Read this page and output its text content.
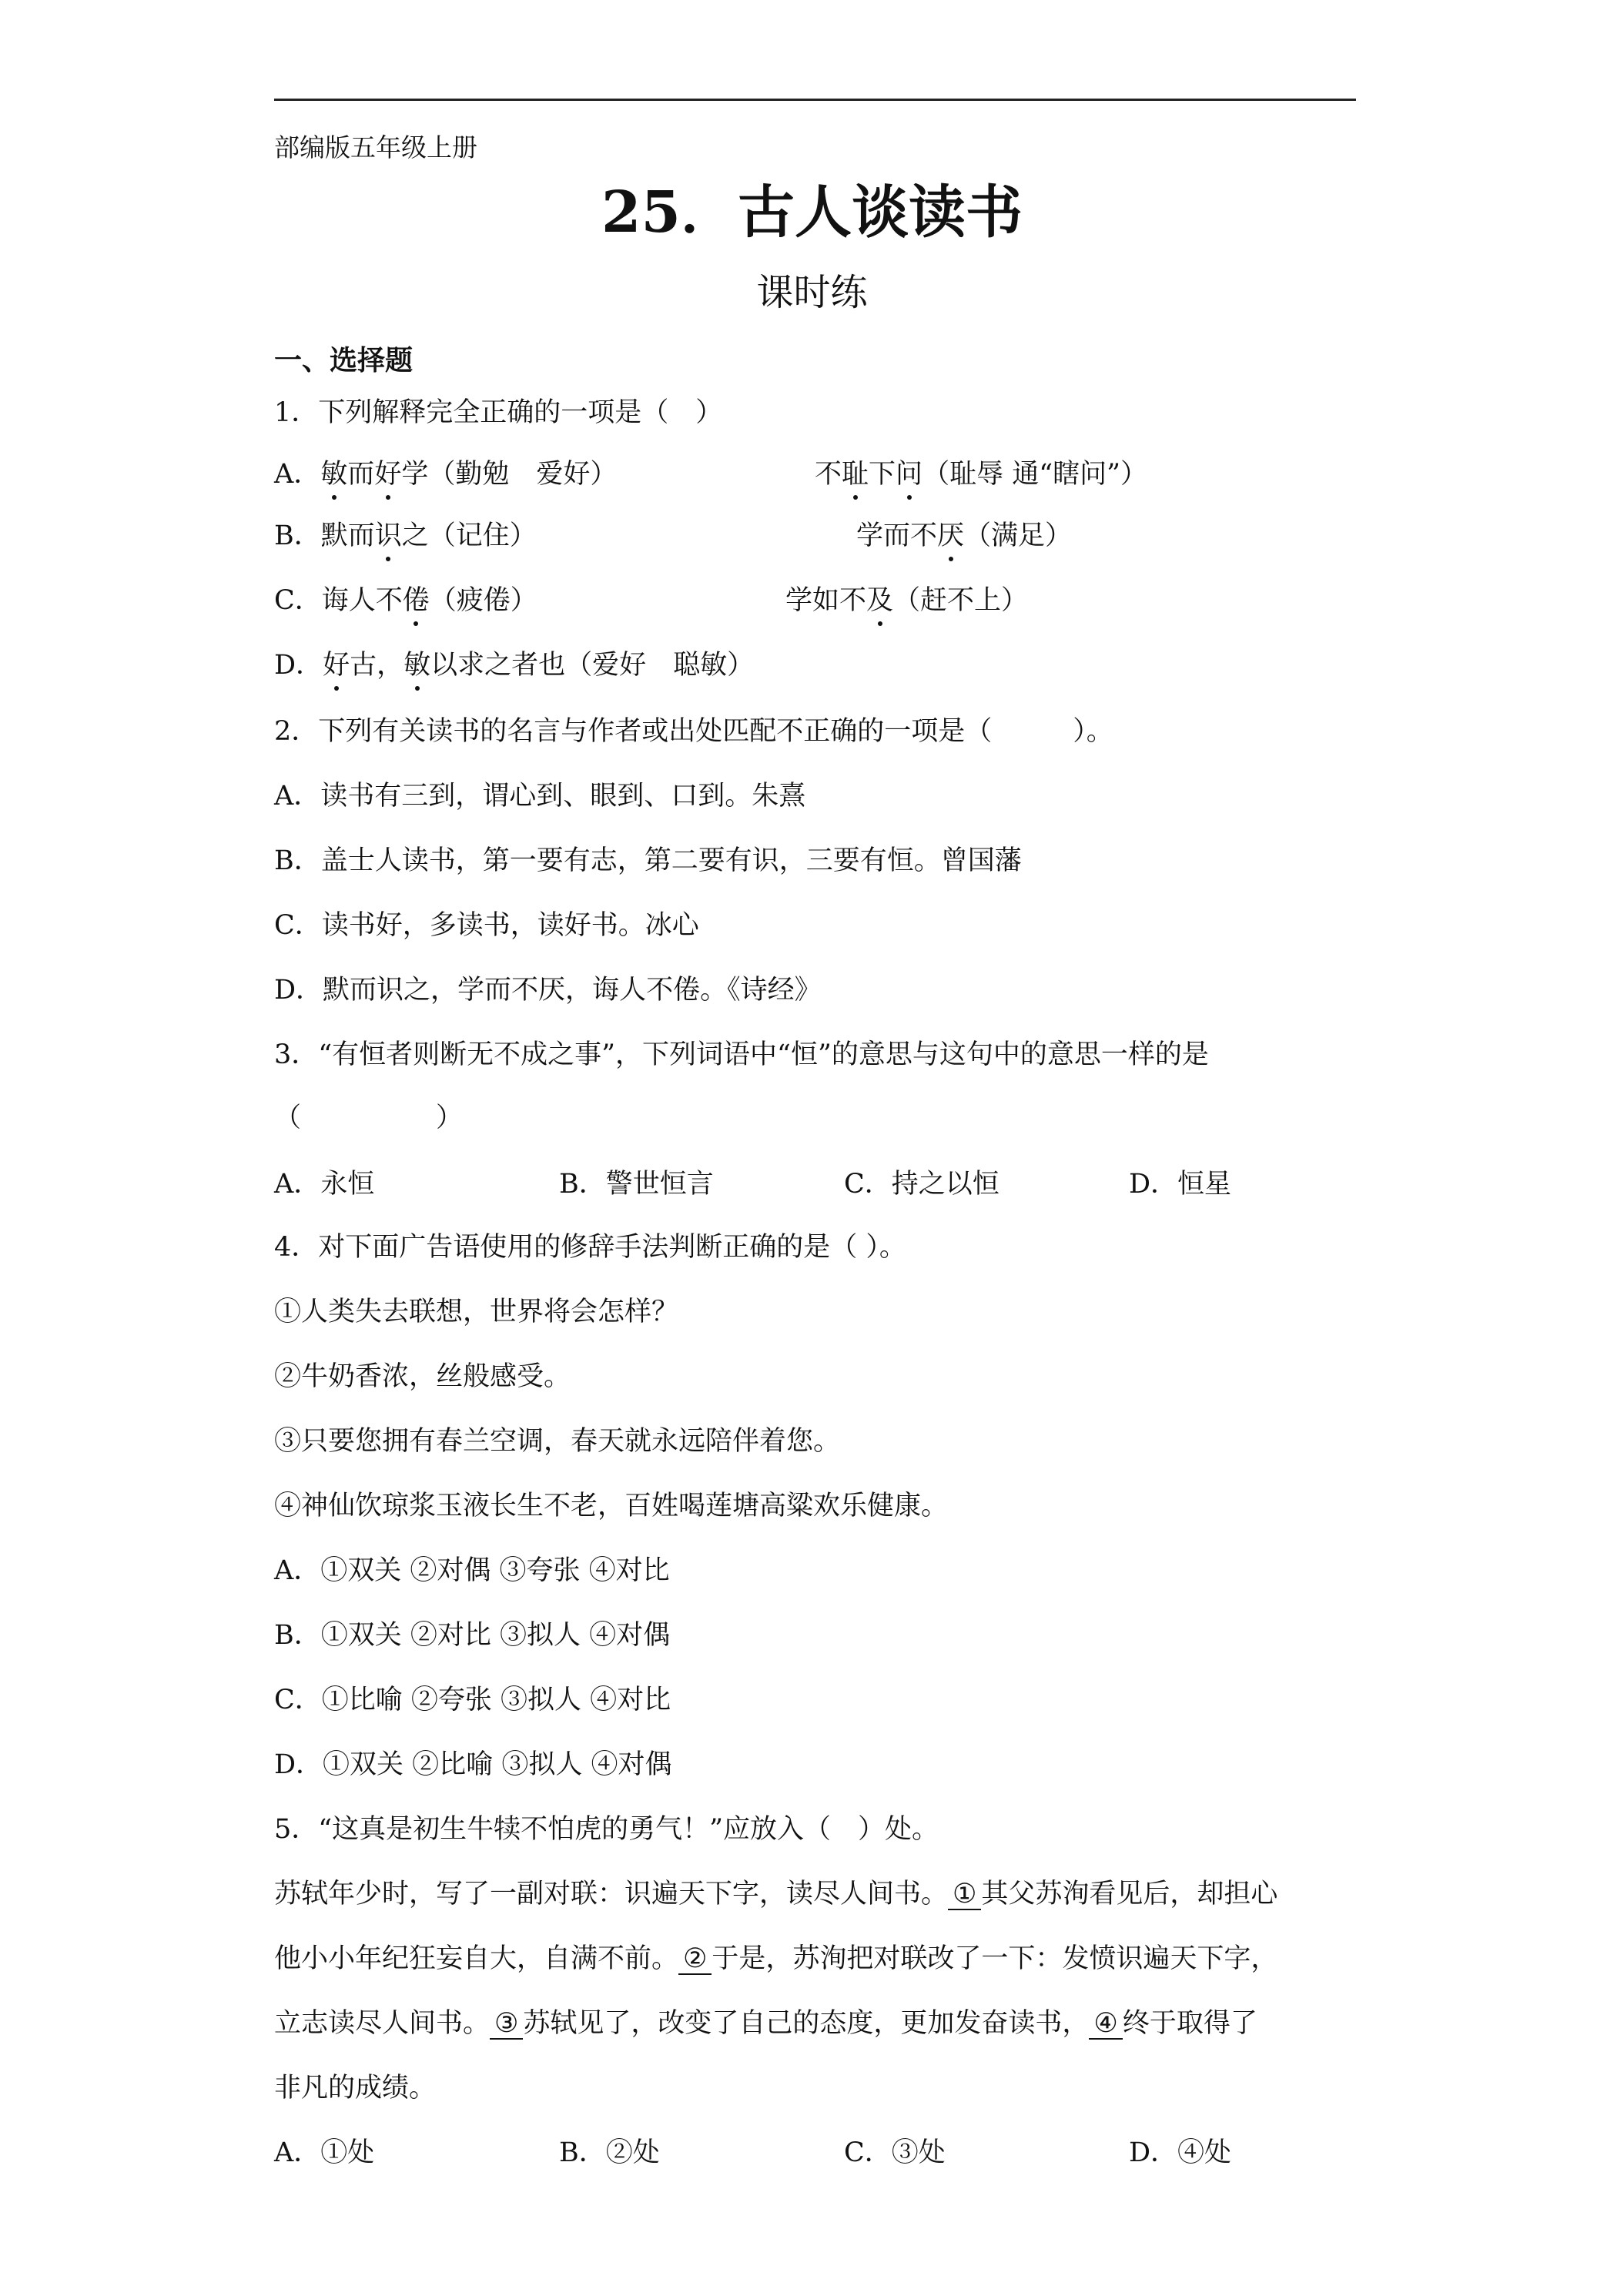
部编版五年级上册
25．古人谈读书
课时练
一、选择题
1．下列解释完全正确的一项是（　）
A．敏而好学（勤勉　爱好）	不耻下问（耻辱 通“瞎问”）
B．默而识之（记住）	学而不厌（满足）
C．诲人不倦（疲倦）	学如不及（赶不上）
D．好古，敏以求之者也（爱好　聪敏）
2．下列有关读书的名言与作者或出处匹配不正确的一项是（　　　）。
A．读书有三到，谓心到、眼到、口到。朱熹
B．盖士人读书，第一要有志，第二要有识，三要有恒。曾国藩
C．读书好，多读书，读好书。冰心
D．默而识之，学而不厌，诲人不倦。《诗经》
3．“有恒者则断无不成之事”，下列词语中“恒”的意思与这句中的意思一样的是
（　　　　　）
A．永恒	B．警世恒言	C．持之以恒	D．恒星
4．对下面广告语使用的修辞手法判断正确的是（ ）。
①人类失去联想，世界将会怎样？
②牛奶香浓，丝般感受。
③只要您拥有春兰空调，春天就永远陪伴着您。
④神仙饮琼浆玉液长生不老，百姓喝莲塘高粱欢乐健康。
A．①双关 ②对偶 ③夸张 ④对比
B．①双关 ②对比 ③拟人 ④对偶
C．①比喻 ②夸张 ③拟人 ④对比
D．①双关 ②比喻 ③拟人 ④对偶
5．“这真是初生牛犊不怕虎的勇气！”应放入（　）处。
苏轼年少时，写了一副对联：识遍天下字，读尽人间书。 ① 其父苏洵看见后，却担心
他小小年纪狂妄自大，自满不前。 ② 于是，苏洵把对联改了一下：发愤识遍天下字，
立志读尽人间书。 ③ 苏轼见了，改变了自己的态度，更加发奋读书， ④ 终于取得了
非凡的成绩。
A．①处	B．②处	C．③处	D．④处
